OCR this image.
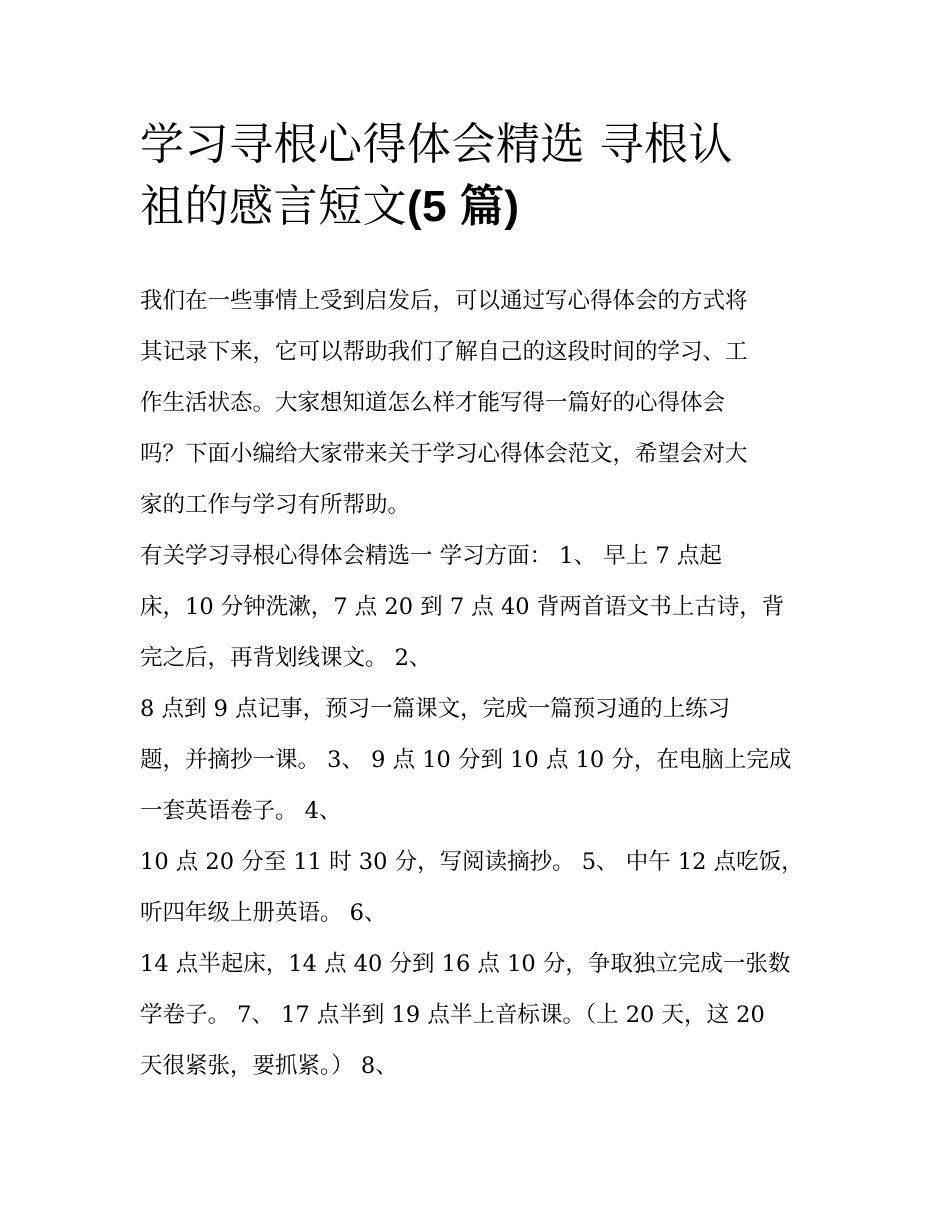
学习寻根心得体会精选 寻根认
祖的感言短文(5 篇)
我们在一些事情上受到启发后，可以通过写心得体会的方式将
其记录下来，它可以帮助我们了解自己的这段时间的学习、工
作生活状态。大家想知道怎么样才能写得一篇好的心得体会
吗？下面小编给大家带来关于学习心得体会范文，希望会对大
家的工作与学习有所帮助。
有关学习寻根心得体会精选一 学习方面： 1、 早上 7 点起
床，10 分钟洗漱，7 点 20 到 7 点 40 背两首语文书上古诗，背
完之后，再背划线课文。 2、
8 点到 9 点记事，预习一篇课文，完成一篇预习通的上练习
题，并摘抄一课。 3、 9 点 10 分到 10 点 10 分，在电脑上完成
一套英语卷子。 4、
10 点 20 分至 11 时 30 分，写阅读摘抄。 5、 中午 12 点吃饭，
听四年级上册英语。 6、
14 点半起床，14 点 40 分到 16 点 10 分，争取独立完成一张数
学卷子。 7、 17 点半到 19 点半上音标课。（上 20 天，这 20
天很紧张，要抓紧。） 8、
